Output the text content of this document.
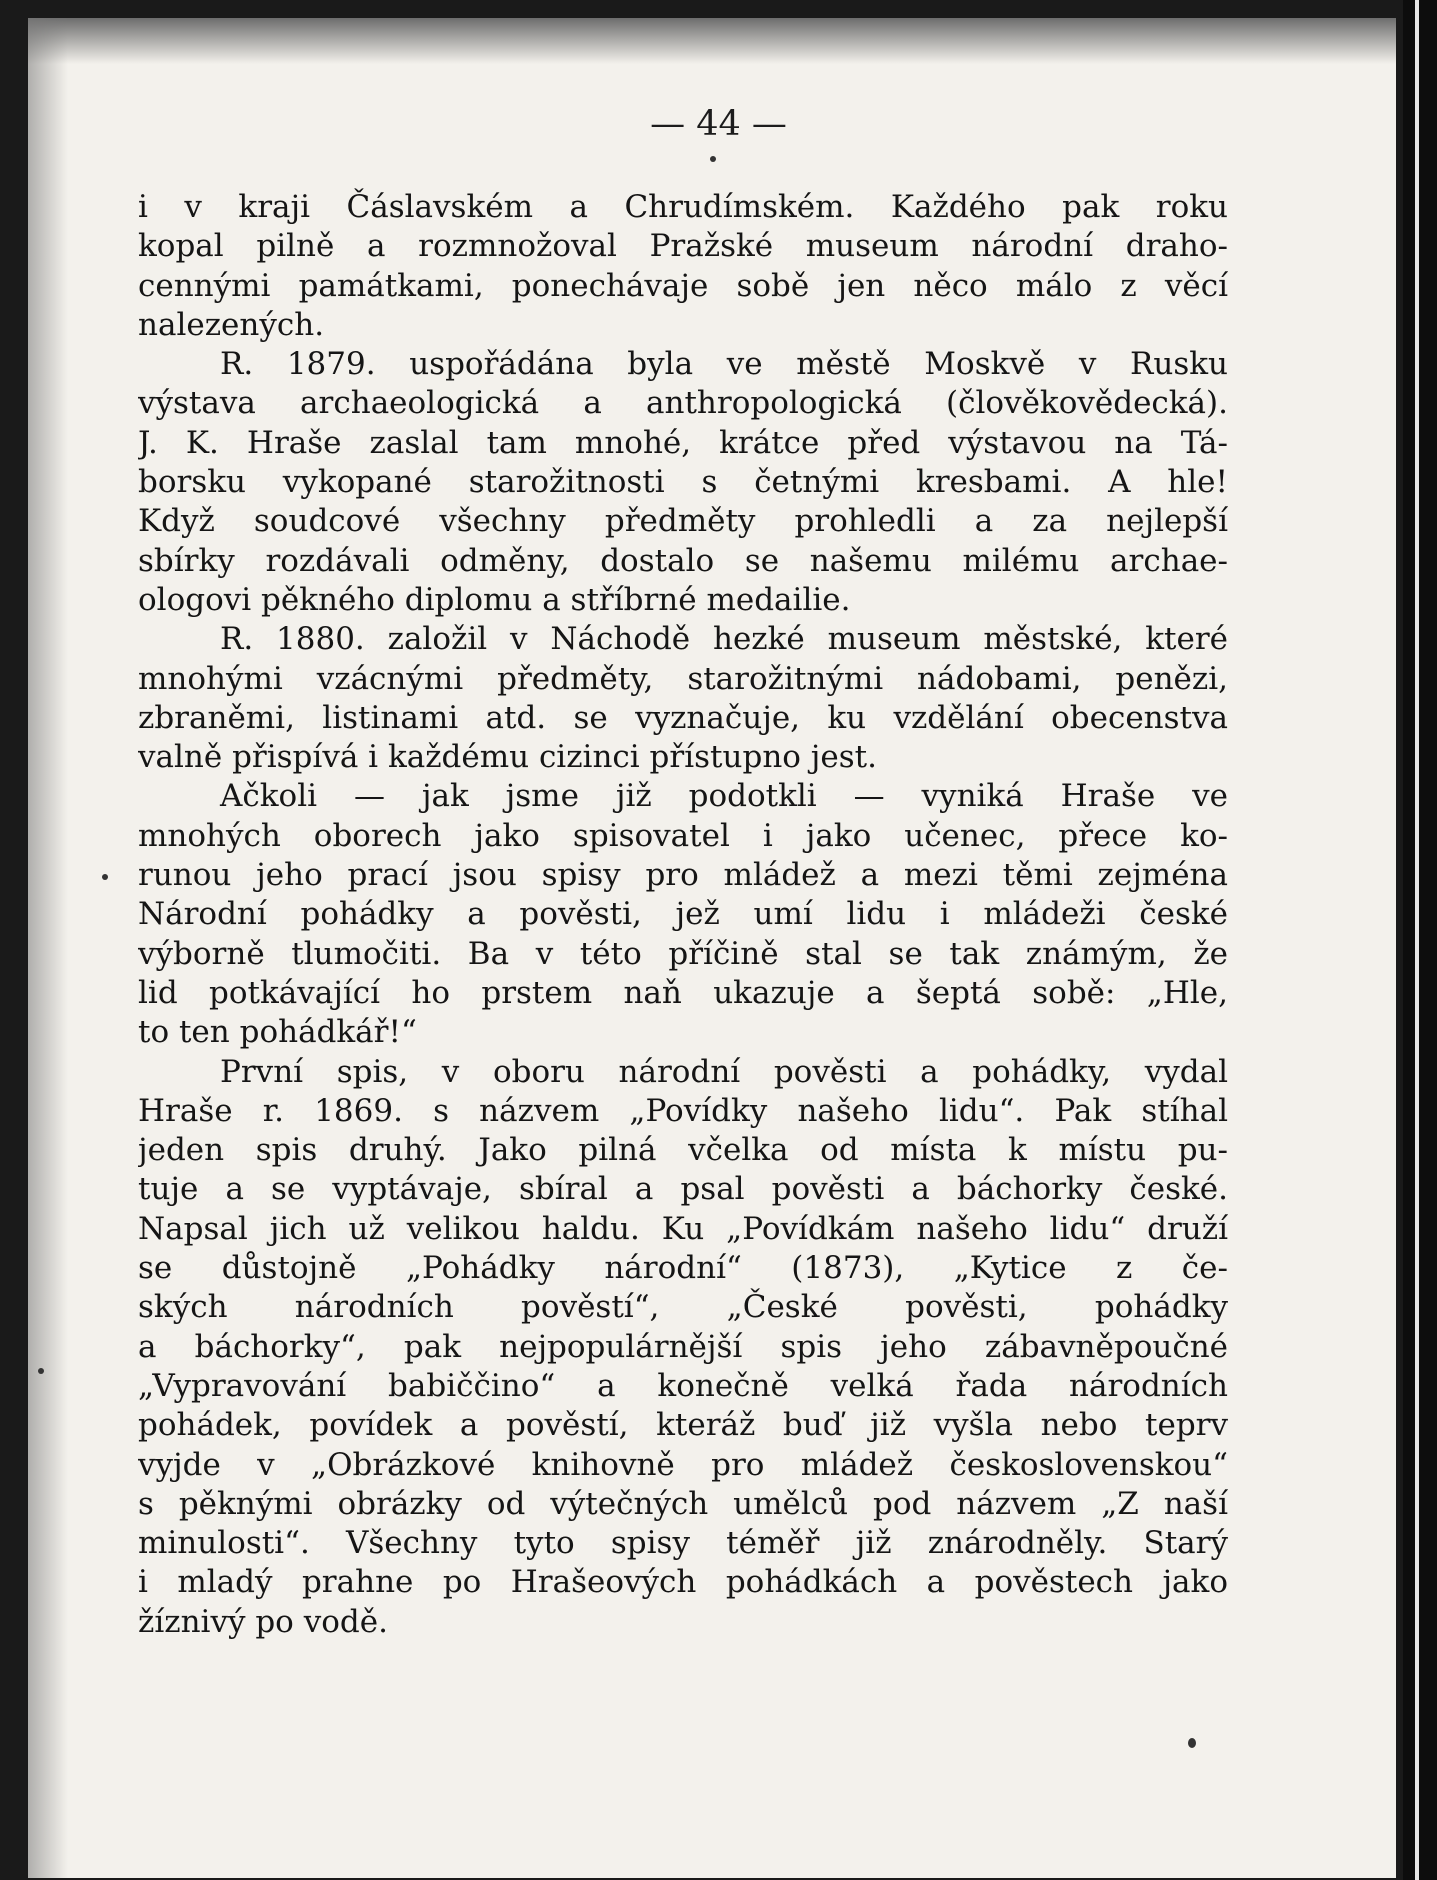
— 44 —
i v kraji Čáslavském a Chrudímském. Každého pak roku
kopal pilně a rozmnožoval Pražské museum národní draho-
cennými památkami, ponechávaje sobě jen něco málo z věcí
nalezených.
R. 1879. uspořádána byla ve městě Moskvě v Rusku
výstava archaeologická a anthropologická (člověkovědecká).
J. K. Hraše zaslal tam mnohé, krátce před výstavou na Tá-
borsku vykopané starožitnosti s četnými kresbami. A hle!
Když soudcové všechny předměty prohledli a za nejlepší
sbírky rozdávali odměny, dostalo se našemu milému archae-
ologovi pěkného diplomu a stříbrné medailie.
R. 1880. založil v Náchodě hezké museum městské, které
mnohými vzácnými předměty, starožitnými nádobami, penězi,
zbraněmi, listinami atd. se vyznačuje, ku vzdělání obecenstva
valně přispívá i každému cizinci přístupno jest.
Ačkoli — jak jsme již podotkli — vyniká Hraše ve
mnohých oborech jako spisovatel i jako učenec, přece ko-
runou jeho prací jsou spisy pro mládež a mezi těmi zejména
Národní pohádky a pověsti, jež umí lidu i mládeži české
výborně tlumočiti. Ba v této příčině stal se tak známým, že
lid potkávající ho prstem naň ukazuje a šeptá sobě: „Hle,
to ten pohádkář!“
První spis, v oboru národní pověsti a pohádky, vydal
Hraše r. 1869. s názvem „Povídky našeho lidu“. Pak stíhal
jeden spis druhý. Jako pilná včelka od místa k místu pu-
tuje a se vyptávaje, sbíral a psal pověsti a báchorky české.
Napsal jich už velikou haldu. Ku „Povídkám našeho lidu“ druží
se důstojně „Pohádky národní“ (1873), „Kytice z če-
ských národních pověstí“, „České pověsti, pohádky
a báchorky“, pak nejpopulárnější spis jeho zábavněpoučné
„Vypravování babiččino“ a konečně velká řada národních
pohádek, povídek a pověstí, kteráž buď již vyšla nebo teprv
vyjde v „Obrázkové knihovně pro mládež československou“
s pěknými obrázky od výtečných umělců pod názvem „Z naší
minulosti“. Všechny tyto spisy téměř již znárodněly. Starý
i mladý prahne po Hrašeových pohádkách a pověstech jako
žíznivý po vodě.
